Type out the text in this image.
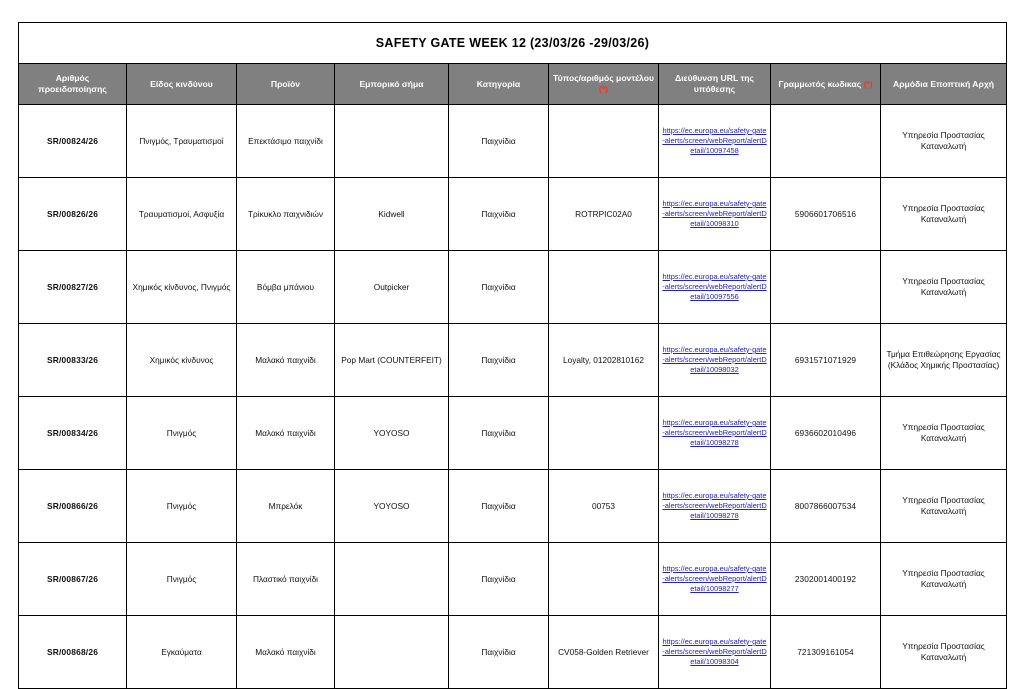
SAFETY GATE WEEK 12 (23/03/26 -29/03/26)								
Αριθμός προειδοποίησης	Είδος κινδύνου	Προϊόν	Εμπορικό σήμα	Κατηγορία	Τύπος/αριθμός μοντέλου (*)	Διεύθυνση URL της υπόθεσης	Γραμμωτός κωδικας (*)	Αρμόδια Εποπτική Αρχή
SR/00824/26	Πνιγμός, Τραυματισμοί	Επεκτάσιμο παιχνίδι		Παιχνίδια		https://ec.europa.eu/safety-gate-alerts/screen/webReport/alertDetail/10097458		Υπηρεσία Προστασίας Καταναλωτή
SR/00826/26	Τραυματισμοί, Ασφυξία	Τρίκυκλο παιχνιδιών	Kidwell	Παιχνίδια	ROTRPIC02A0	https://ec.europa.eu/safety-gate-alerts/screen/webReport/alertDetail/10098310	5906601706516	Υπηρεσία Προστασίας Καταναλωτή
SR/00827/26	Χημικός κίνδυνος, Πνιγμός	Βόμβα μπάνιου	Outpicker	Παιχνίδια		https://ec.europa.eu/safety-gate-alerts/screen/webReport/alertDetail/10097556		Υπηρεσία Προστασίας Καταναλωτή
SR/00833/26	Χημικός κίνδυνος	Μαλακό παιχνίδι	Pop Mart (COUNTERFEIT)	Παιχνίδια	Loyalty, 01202810162	https://ec.europa.eu/safety-gate-alerts/screen/webReport/alertDetail/10098032	6931571071929	Τμήμα Επιθεώρησης Εργασίας (Κλάδος Χημικής Προστασίας)
SR/00834/26	Πνιγμός	Μαλακό παιχνίδι	YOYOSO	Παιχνίδια		https://ec.europa.eu/safety-gate-alerts/screen/webReport/alertDetail/10098278	6936602010496	Υπηρεσία Προστασίας Καταναλωτή
SR/00866/26	Πνιγμός	Μπρελόκ	YOYOSO	Παιχνίδια	00753	https://ec.europa.eu/safety-gate-alerts/screen/webReport/alertDetail/10098278	8007866007534	Υπηρεσία Προστασίας Καταναλωτή
SR/00867/26	Πνιγμός	Πλαστικό παιχνίδι		Παιχνίδια		https://ec.europa.eu/safety-gate-alerts/screen/webReport/alertDetail/10098277	2302001400192	Υπηρεσία Προστασίας Καταναλωτή
SR/00868/26	Εγκαύματα	Μαλακό παιχνίδι		Παιχνίδια	CV058-Golden Retriever	https://ec.europa.eu/safety-gate-alerts/screen/webReport/alertDetail/10098304	721309161054	Υπηρεσία Προστασίας Καταναλωτή
